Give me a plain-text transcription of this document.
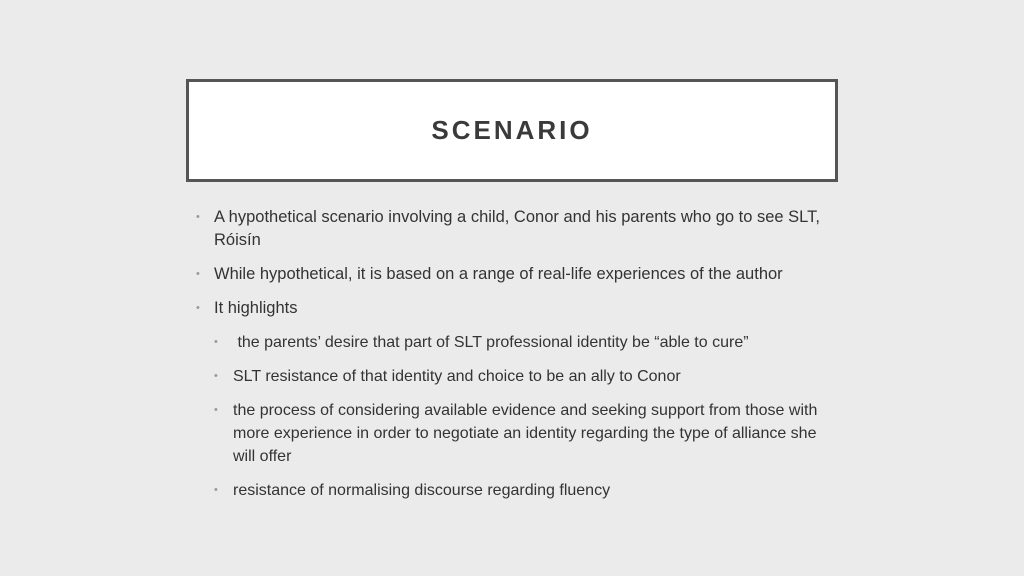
SCENARIO
• A hypothetical scenario involving a child, Conor and his parents who go to see SLT, Róisín
• While hypothetical, it is based on a range of real-life experiences of the author
• It highlights
• the parents’ desire that part of SLT professional identity be “able to cure”
• SLT resistance of that identity and choice to be an ally to Conor
• the process of considering available evidence and seeking support from those with more experience in order to negotiate an identity regarding the type of alliance she will offer
• resistance of normalising discourse regarding fluency
